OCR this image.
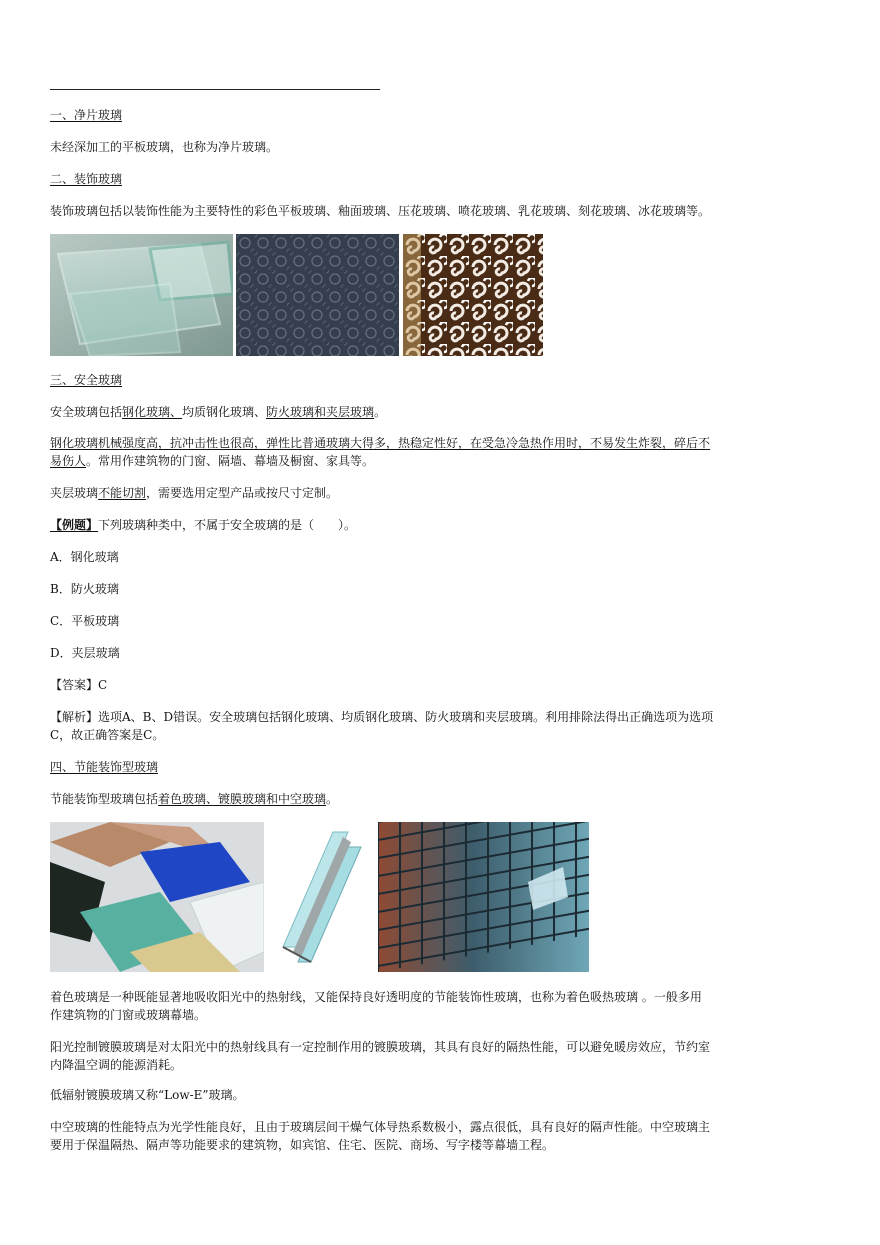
一、净片玻璃
未经深加工的平板玻璃，也称为净片玻璃。
二、装饰玻璃
装饰玻璃包括以装饰性能为主要特性的彩色平板玻璃、釉面玻璃、压花玻璃、喷花玻璃、乳花玻璃、刻花玻璃、冰花玻璃等。
三、安全玻璃
安全玻璃包括钢化玻璃、均质钢化玻璃、防火玻璃和夹层玻璃。
钢化玻璃机械强度高，抗冲击性也很高，弹性比普通玻璃大得多，热稳定性好，在受急冷急热作用时，不易发生炸裂，碎后不
易伤人。常用作建筑物的门窗、隔墙、幕墙及橱窗、家具等。
夹层玻璃不能切割，需要选用定型产品或按尺寸定制。
【例题】下列玻璃种类中，不属于安全玻璃的是（　　）。
A．钢化玻璃
B．防火玻璃
C．平板玻璃
D．夹层玻璃
【答案】C
【解析】选项A、B、D错误。安全玻璃包括钢化玻璃、均质钢化玻璃、防火玻璃和夹层玻璃。利用排除法得出正确选项为选项
C，故正确答案是C。
四、节能装饰型玻璃
节能装饰型玻璃包括着色玻璃、镀膜玻璃和中空玻璃。
着色玻璃是一种既能显著地吸收阳光中的热射线，又能保持良好透明度的节能装饰性玻璃，也称为着色吸热玻璃 。一般多用
作建筑物的门窗或玻璃幕墙。
阳光控制镀膜玻璃是对太阳光中的热射线具有一定控制作用的镀膜玻璃，其具有良好的隔热性能，可以避免暖房效应，节约室
内降温空调的能源消耗。
低辐射镀膜玻璃又称“Low-E”玻璃。
中空玻璃的性能特点为光学性能良好，且由于玻璃层间干燥气体导热系数极小，露点很低，具有良好的隔声性能。中空玻璃主
要用于保温隔热、隔声等功能要求的建筑物，如宾馆、住宅、医院、商场、写字楼等幕墙工程。
